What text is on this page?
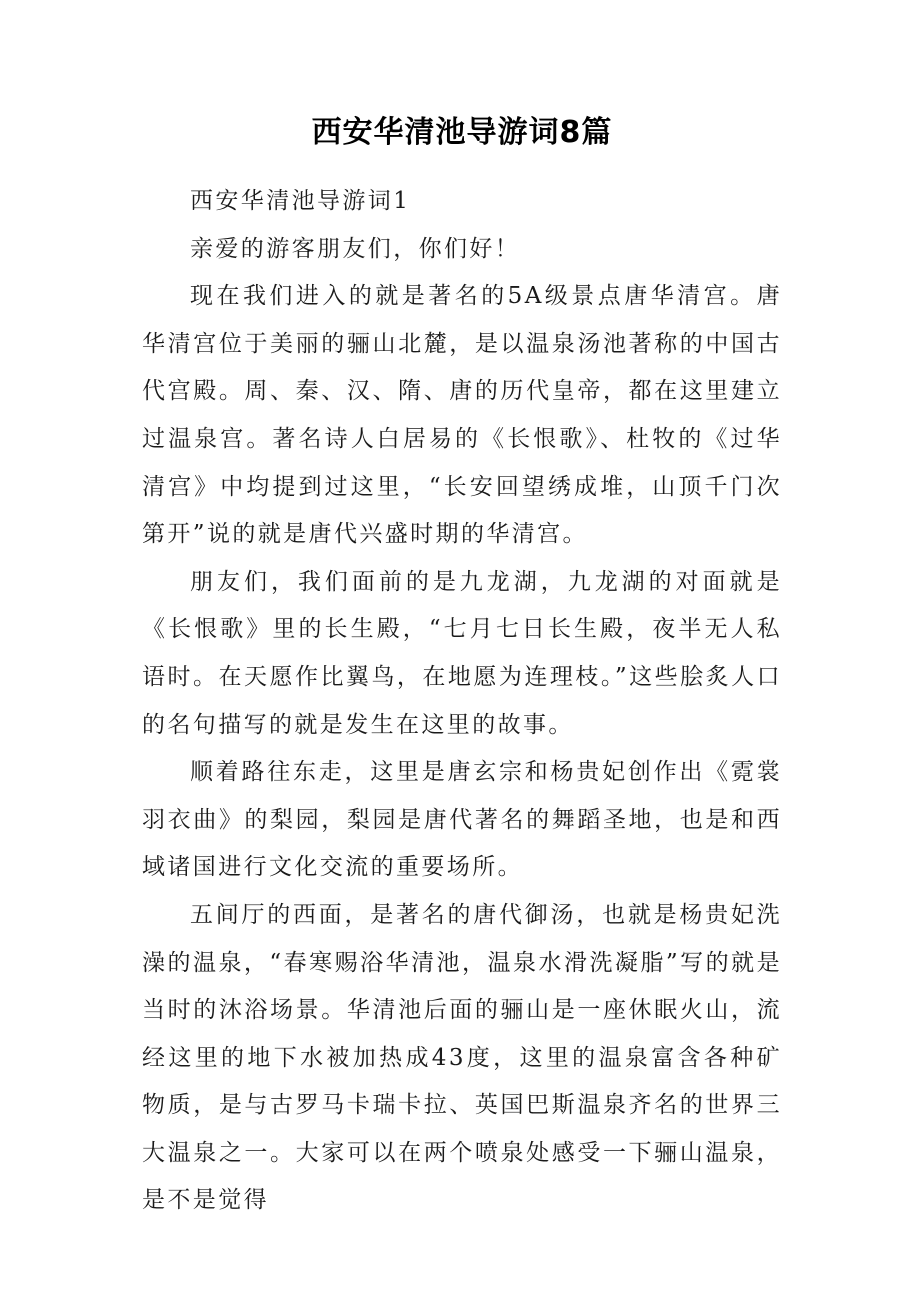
西安华清池导游词8篇

西安华清池导游词1

亲爱的游客朋友们，你们好！

现在我们进入的就是著名的5A级景点唐华清宫。唐华清宫位于美丽的骊山北麓，是以温泉汤池著称的中国古代宫殿。周、秦、汉、隋、唐的历代皇帝，都在这里建立过温泉宫。著名诗人白居易的《长恨歌》、杜牧的《过华清宫》中均提到过这里，“长安回望绣成堆，山顶千门次第开”说的就是唐代兴盛时期的华清宫。

朋友们，我们面前的是九龙湖，九龙湖的对面就是《长恨歌》里的长生殿，“七月七日长生殿，夜半无人私语时。在天愿作比翼鸟，在地愿为连理枝。”这些脍炙人口的名句描写的就是发生在这里的故事。

顺着路往东走，这里是唐玄宗和杨贵妃创作出《霓裳羽衣曲》的梨园，梨园是唐代著名的舞蹈圣地，也是和西域诸国进行文化交流的重要场所。

五间厅的西面，是著名的唐代御汤，也就是杨贵妃洗澡的温泉，“春寒赐浴华清池，温泉水滑洗凝脂”写的就是当时的沐浴场景。华清池后面的骊山是一座休眠火山，流经这里的地下水被加热成43度，这里的温泉富含各种矿物质，是与古罗马卡瑞卡拉、英国巴斯温泉齐名的世界三大温泉之一。大家可以在两个喷泉处感受一下骊山温泉，是不是觉得
